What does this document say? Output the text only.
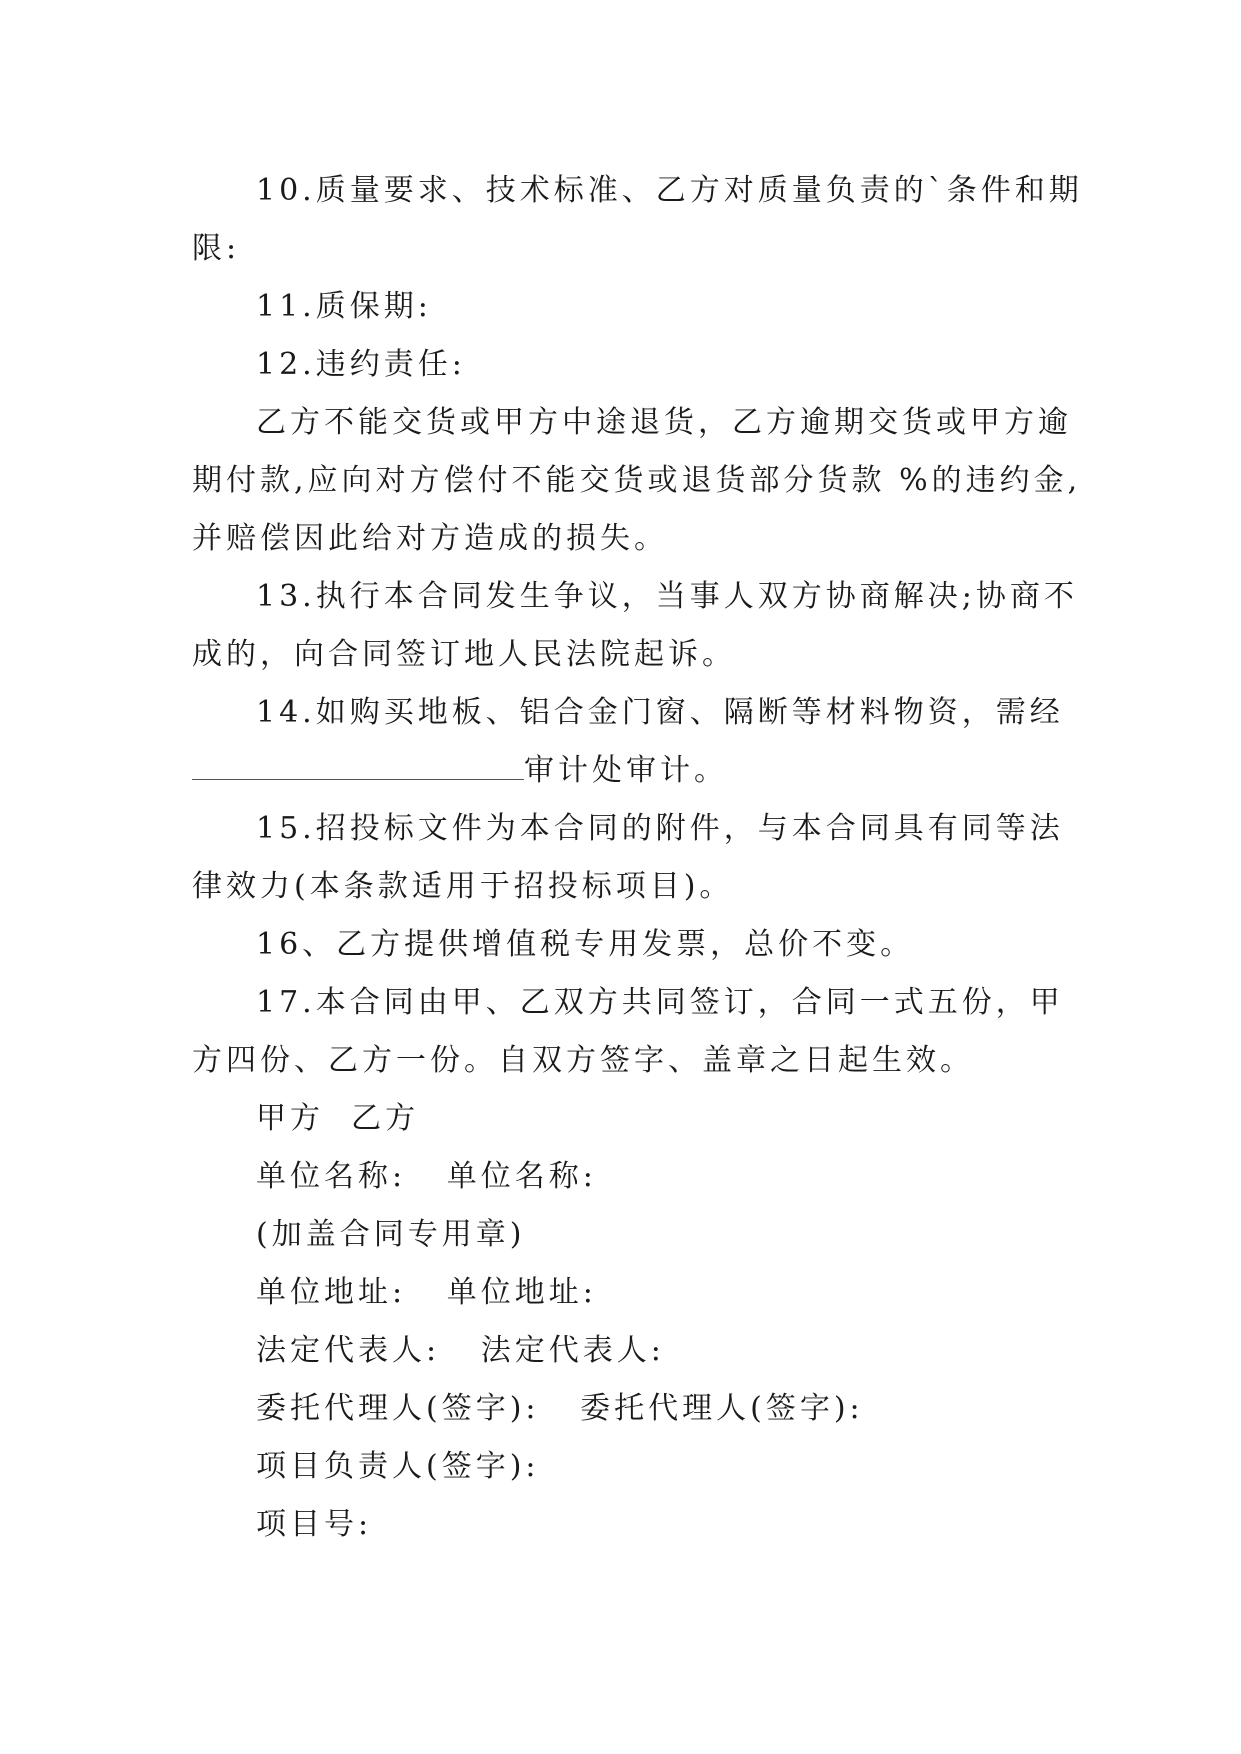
10.质量要求、技术标准、乙方对质量负责的`条件和期
限:

11.质保期:

12.违约责任:

乙方不能交货或甲方中途退货，乙方逾期交货或甲方逾
期付款,应向对方偿付不能交货或退货部分货款 %的违约金,
并赔偿因此给对方造成的损失。

13.执行本合同发生争议，当事人双方协商解决;协商不
成的，向合同签订地人民法院起诉。

14.如购买地板、铝合金门窗、隔断等材料物资，需经
审计处审计。

15.招投标文件为本合同的附件，与本合同具有同等法
律效力(本条款适用于招投标项目)。

16、乙方提供增值税专用发票，总价不变。

17.本合同由甲、乙双方共同签订，合同一式五份，甲
方四份、乙方一份。自双方签字、盖章之日起生效。

甲方  乙方

单位名称:   单位名称:

(加盖合同专用章)

单位地址:   单位地址:

法定代表人:   法定代表人:

委托代理人(签字):   委托代理人(签字):

项目负责人(签字):

项目号:
